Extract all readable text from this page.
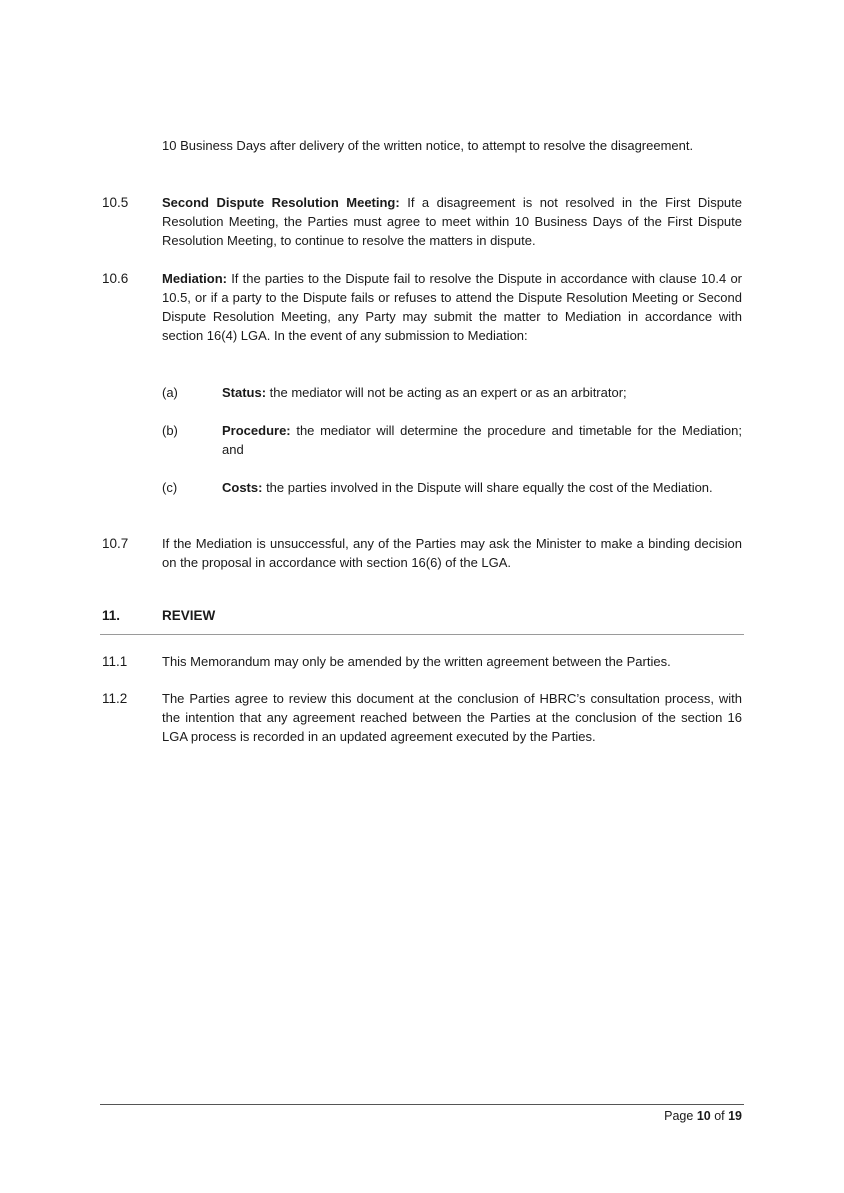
10 Business Days after delivery of the written notice, to attempt to resolve the disagreement.

10.5	Second Dispute Resolution Meeting: If a disagreement is not resolved in the First Dispute Resolution Meeting, the Parties must agree to meet within 10 Business Days of the First Dispute Resolution Meeting, to continue to resolve the matters in dispute.

10.6	Mediation: If the parties to the Dispute fail to resolve the Dispute in accordance with clause 10.4 or 10.5, or if a party to the Dispute fails or refuses to attend the Dispute Resolution Meeting or Second Dispute Resolution Meeting, any Party may submit the matter to Mediation in accordance with section 16(4) LGA. In the event of any submission to Mediation:

(a)	Status: the mediator will not be acting as an expert or as an arbitrator;
(b)	Procedure: the mediator will determine the procedure and timetable for the Mediation; and
(c)	Costs: the parties involved in the Dispute will share equally the cost of the Mediation.
10.7	If the Mediation is unsuccessful, any of the Parties may ask the Minister to make a binding decision on the proposal in accordance with section 16(6) of the LGA.

11.	REVIEW
11.1	This Memorandum may only be amended by the written agreement between the Parties.

11.2	The Parties agree to review this document at the conclusion of HBRC’s consultation process, with the intention that any agreement reached between the Parties at the conclusion of the section 16 LGA process is recorded in an updated agreement executed by the Parties.

Page 10 of 19
